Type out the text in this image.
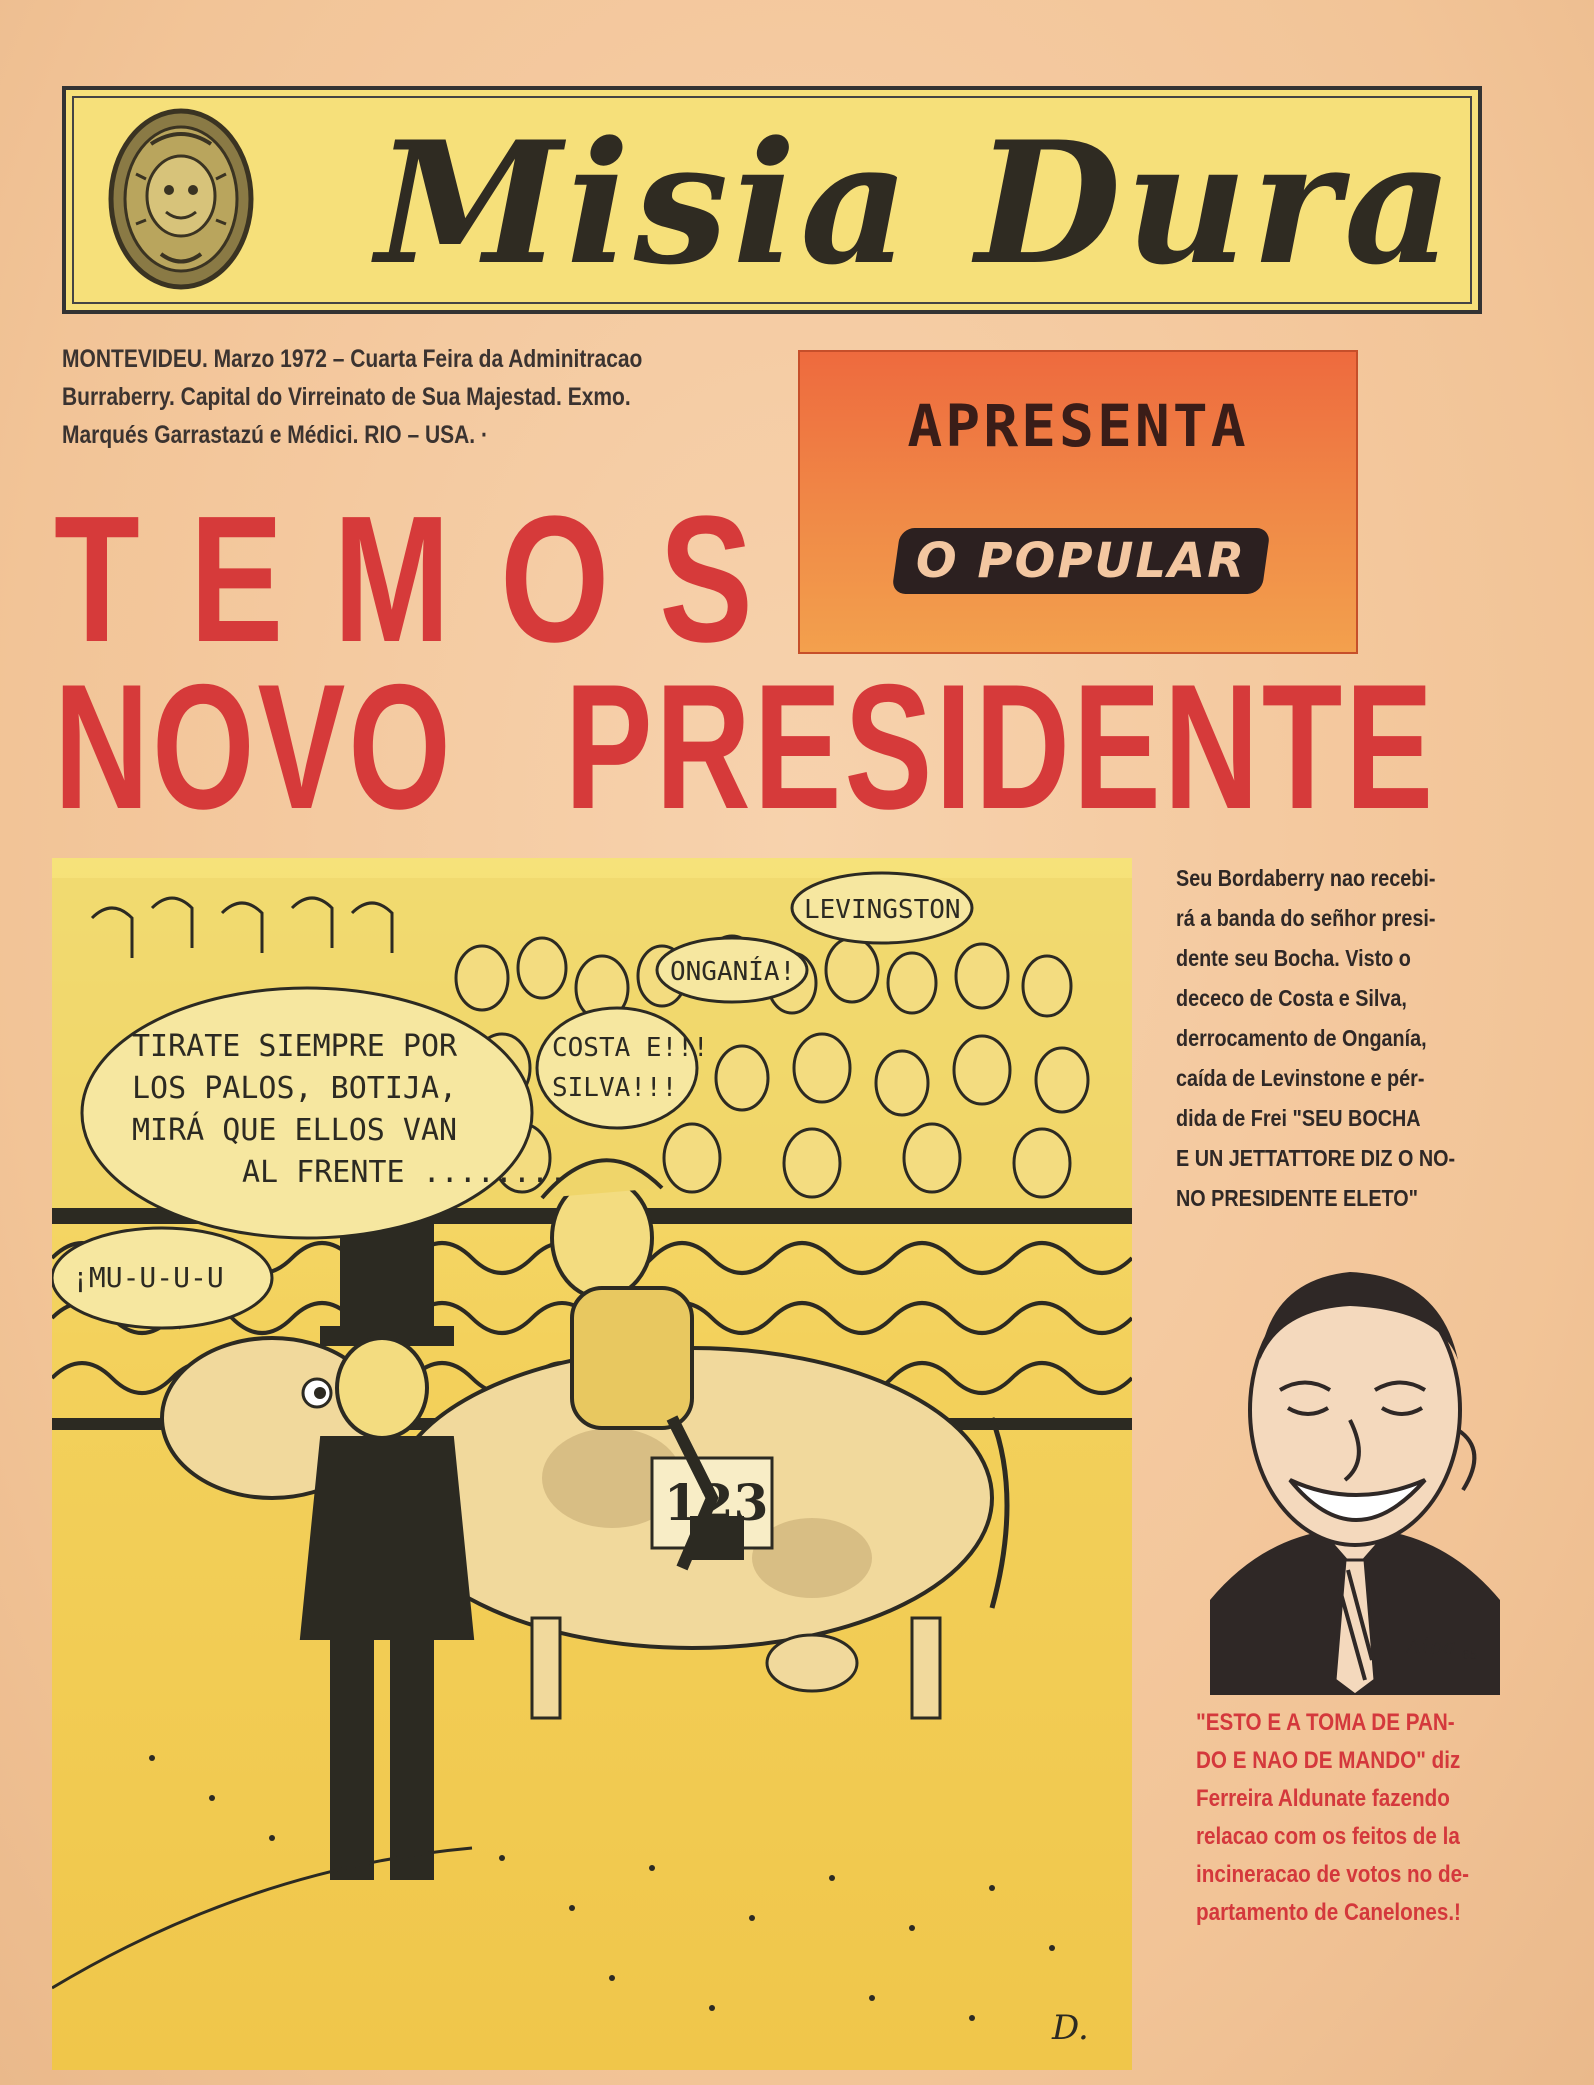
Misia Dura
MONTEVIDEU. Marzo 1972 – Cuarta Feira da Adminitracao
Burraberry. Capital do Virreinato de Sua Majestad. Exmo.
Marqués Garrastazú e Médici. RIO – USA. ·	APRESENTA
O POPULAR
TEMOS
NOVO PRESIDENTE
TIRATE SIEMPRE POR
LOS PALOS, BOTIJA,
MIRÁ QUE ELLOS VAN
AL FRENTE ........
LEVINGSTON
ONGANÍA!
COSTA E!!!
SILVA!!!
¡MU-U-U-U
123
D.
Seu Bordaberry nao recebi-
rá a banda do señhor presi-
dente seu Bocha. Visto o
dececo de Costa e Silva,
derrocamento de Onganía,
caída de Levinstone e pér-
dida de Frei "SEU BOCHA
E UN JETTATTORE DIZ O NO-
NO PRESIDENTE ELETO"
Aipa 65
"ESTO E A TOMA DE PAN-
DO E NAO DE MANDO" diz
Ferreira Aldunate fazendo
relacao com os feitos de la
incineracao de votos no de-
partamento de Canelones.!
